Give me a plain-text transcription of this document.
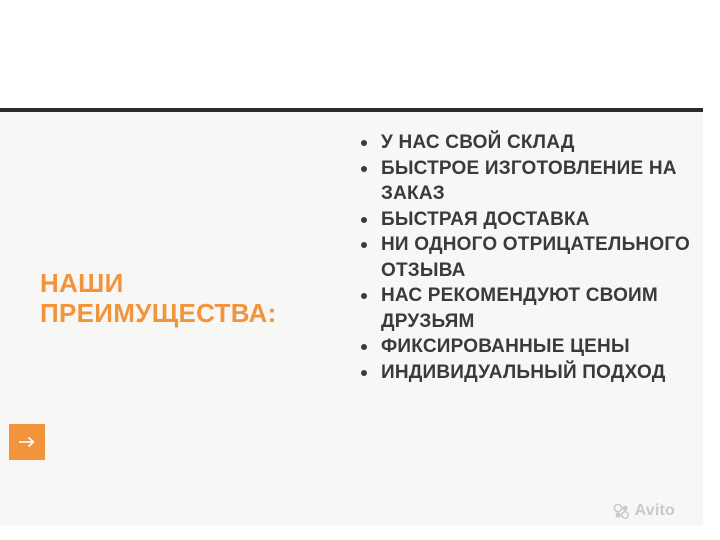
НАШИ
ПРЕИМУЩЕСТВА:
У НАС СВОЙ СКЛАД
БЫСТРОЕ ИЗГОТОВЛЕНИЕ НА ЗАКАЗ
БЫСТРАЯ ДОСТАВКА
НИ ОДНОГО ОТРИЦАТЕЛЬНОГО ОТЗЫВА
НАС РЕКОМЕНДУЮТ СВОИМ ДРУЗЬЯМ
ФИКСИРОВАННЫЕ ЦЕНЫ
ИНДИВИДУАЛЬНЫЙ ПОДХОД
Avito
